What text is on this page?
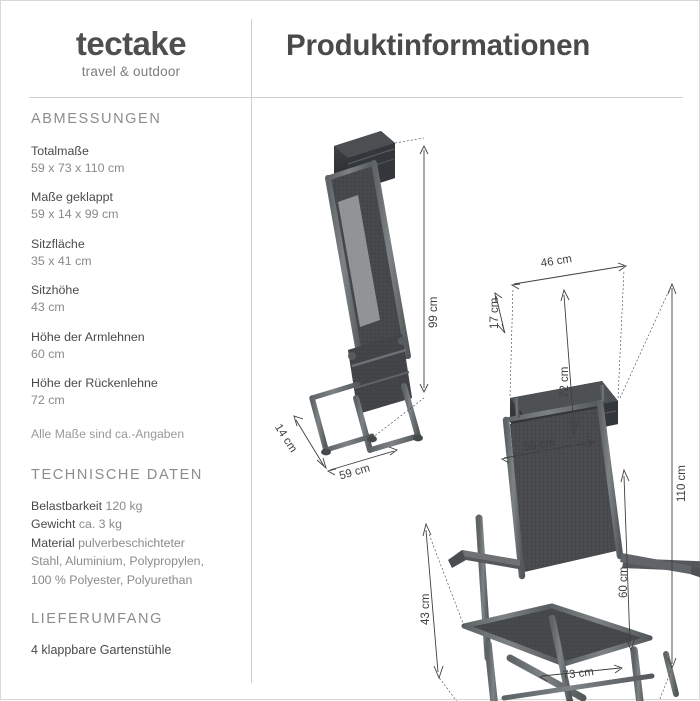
tectake
travel & outdoor
Produktinformationen
ABMESSUNGEN
Totalmaße
59 x 73 x 110 cm
Maße geklappt
59 x 14 x 99 cm
Sitzfläche
35 x 41 cm
Sitzhöhe
43 cm
Höhe der Armlehnen
60 cm
Höhe der Rückenlehne
72 cm
Alle Maße sind ca.-Angaben
TECHNISCHE DATEN
Belastbarkeit 120 kg
Gewicht ca. 3 kg
Material pulverbeschichteter
Stahl, Aluminium, Polypropylen,
100 % Polyester, Polyurethan
LIEFERUMFANG
4 klappbare Gartenstühle
99 cm
14 cm
59 cm
46 cm
17 cm
72 cm
59 cm
110 cm
60 cm
43 cm
73 cm
